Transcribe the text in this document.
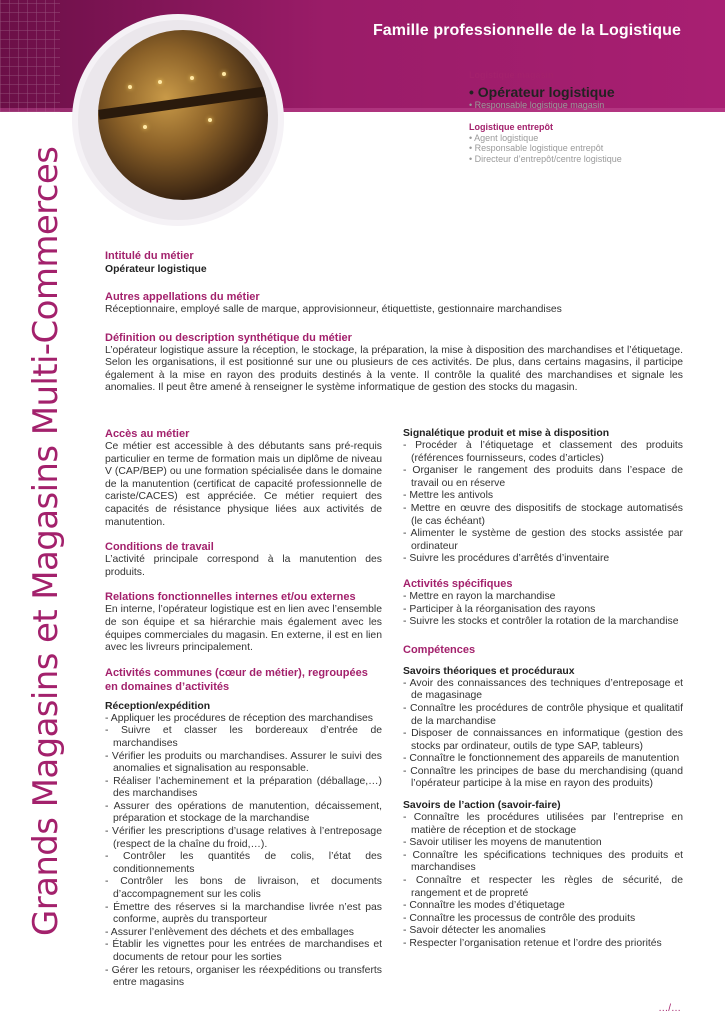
Famille professionnelle de la Logistique
Logistique magasin
• Opérateur logistique
• Responsable logistique magasin
Logistique entrepôt
• Agent logistique
• Responsable logistique entrepôt
• Directeur d’entrepôt/centre logistique
Grands Magasins et Magasins Multi-Commerces	Intitulé du métier
Opérateur logistique
Autres appellations du métier
Réceptionnaire, employé salle de marque, approvisionneur, étiquettiste, gestionnaire marchandises
Définition ou description synthétique du métier
L’opérateur logistique assure la réception, le stockage, la préparation, la mise à disposition des marchandises et l’étiquetage. Selon les organisations, il est positionné sur une ou plusieurs de ces activités. De plus, dans certains magasins, il participe également à la mise en rayon des produits destinés à la vente. Il contrôle la qualité des marchandises et signale les anomalies. Il peut être amené à renseigner le système informatique de gestion des stocks du magasin.
Accès au métier
Ce métier est accessible à des débutants sans pré-requis particulier en terme de formation mais un diplôme de niveau V (CAP/BEP) ou une formation spécialisée dans le domaine de la manutention (certificat de capacité professionnelle de cariste/CACES) est appréciée. Ce métier requiert des capacités de résistance physique liées aux activités de manutention.
Conditions de travail
L’activité principale correspond à la manutention des produits.
Relations fonctionnelles internes et/ou externes
En interne, l’opérateur logistique est en lien avec l’ensemble de son équipe et sa hiérarchie mais également avec les équipes commerciales du magasin. En externe, il est en lien avec les livreurs principalement.
Activités communes (cœur de métier), regroupées en domaines d’activités
Réception/expédition
- Appliquer les procédures de réception des marchandises
- Suivre et classer les bordereaux d’entrée de marchandises
- Vérifier les produits ou marchandises. Assurer le suivi des anomalies et signalisation au responsable.
- Réaliser l’acheminement et la préparation (déballage,…) des marchandises
- Assurer des opérations de manutention, décaissement, préparation et stockage de la marchandise
- Vérifier les prescriptions d’usage relatives à l’entreposage (respect de la chaîne du froid,…).
- Contrôler les quantités de colis, l’état des conditionnements
- Contrôler les bons de livraison, et documents d’accompagnement sur les colis
- Émettre des réserves si la marchandise livrée n’est pas conforme, auprès du transporteur
- Assurer l’enlèvement des déchets et des emballages
- Établir les vignettes pour les entrées de marchandises et documents de retour pour les sorties
- Gérer les retours, organiser les réexpéditions ou transferts entre magasins
Signalétique produit et mise à disposition
- Procéder à l’étiquetage et classement des produits (références fournisseurs, codes d’articles)
- Organiser le rangement des produits dans l’espace de travail ou en réserve
- Mettre les antivols
- Mettre en œuvre des dispositifs de stockage automatisés (le cas échéant)
- Alimenter le système de gestion des stocks assistée par ordinateur
- Suivre les procédures d’arrêtés d’inventaire
Activités spécifiques
- Mettre en rayon la marchandise
- Participer à la réorganisation des rayons
- Suivre les stocks et contrôler la rotation de la marchandise
Compétences
Savoirs théoriques et procéduraux
- Avoir des connaissances des techniques d’entreposage et de magasinage
- Connaître les procédures de contrôle physique et qualitatif de la marchandise
- Disposer de connaissances en informatique (gestion des stocks par ordinateur, outils de type SAP, tableurs)
- Connaître le fonctionnement des appareils de manutention
- Connaître les principes de base du merchandising (quand l’opérateur participe à la mise en rayon des produits)
Savoirs de l’action (savoir-faire)
- Connaître les procédures utilisées par l’entreprise en matière de réception et de stockage
- Savoir utiliser les moyens de manutention
- Connaître les spécifications techniques des produits et marchandises
- Connaître et respecter les règles de sécurité, de rangement et de propreté
- Connaître les modes d’étiquetage
- Connaître les processus de contrôle des produits
- Savoir détecter les anomalies
- Respecter l’organisation retenue et l’ordre des priorités
…/…
